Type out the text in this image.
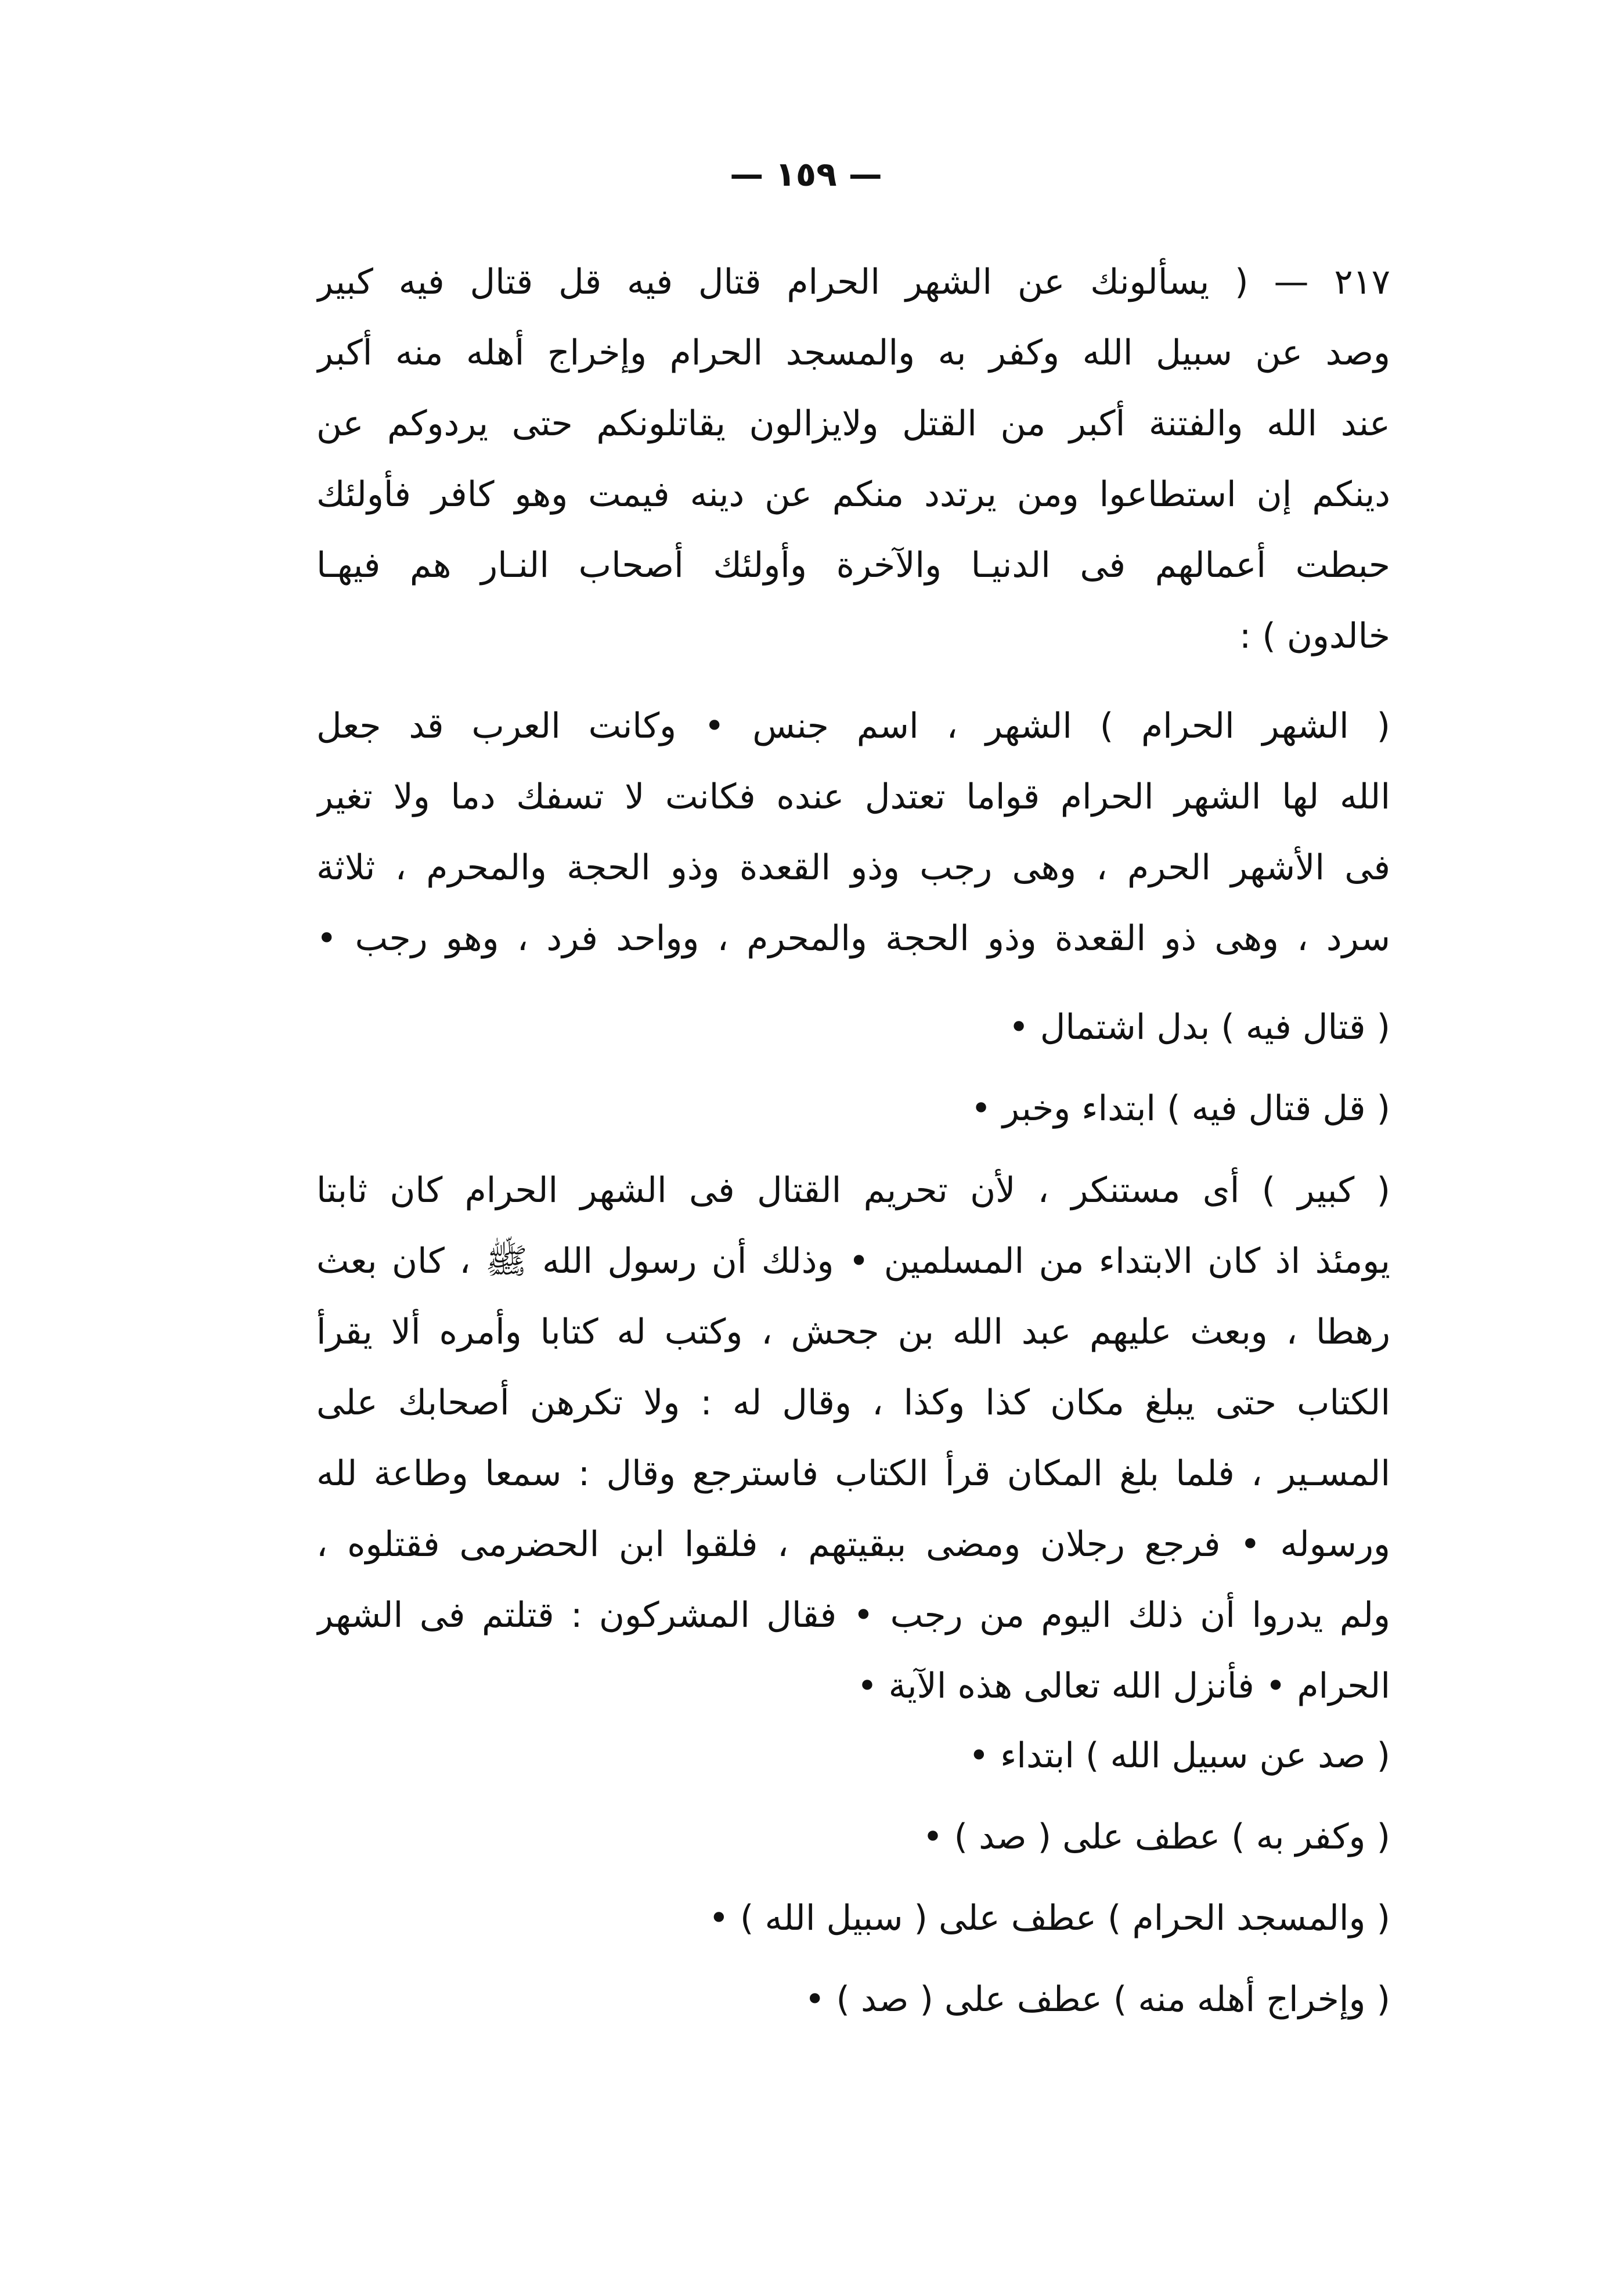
— ١٥٩ —
٢١٧ — ( يسألونك عن الشهر الحرام قتال فيه قل قتال فيه كبير
وصد عن سبيل الله وكفر به والمسجد الحرام وإخراج أهله منه أكبر
عند الله والفتنة أكبر من القتل ولايزالون يقاتلونكم حتى يردوكم عن
دينكم إن استطاعوا ومن يرتدد منكم عن دينه فيمت وهو كافر فأولئك
حبطت أعمالهم فى الدنيـا والآخرة وأولئك أصحاب النـار هم فيهـا
خالدون ) :
( الشهر الحرام ) الشهر ، اسم جنس • وكانت العرب قد جعل
الله لها الشهر الحرام قواما تعتدل عنده فكانت لا تسفك دما ولا تغير
فى الأشهر الحرم ، وهى رجب وذو القعدة وذو الحجة والمحرم ، ثلاثة
سرد ، وهى ذو القعدة وذو الحجة والمحرم ، وواحد فرد ، وهو رجب •
( قتال فيه ) بدل اشتمال •
( قل قتال فيه ) ابتداء وخبر •
( كبير ) أى مستنكر ، لأن تحريم القتال فى الشهر الحرام كان ثابتا
يومئذ اذ كان الابتداء من المسلمين • وذلك أن رسول الله ﷺ ، كان بعث
رهطا ، وبعث عليهم عبد الله بن جحش ، وكتب له كتابا وأمره ألا يقرأ
الكتاب حتى يبلغ مكان كذا وكذا ، وقال له : ولا تكرهن أصحابك على
المسـير ، فلما بلغ المكان قرأ الكتاب فاسترجع وقال : سمعا وطاعة لله
ورسوله • فرجع رجلان ومضى ببقيتهم ، فلقوا ابن الحضرمى فقتلوه ،
ولم يدروا أن ذلك اليوم من رجب • فقال المشركون : قتلتم فى الشهر
الحرام • فأنزل الله تعالى هذه الآية •
( صد عن سبيل الله ) ابتداء •
( وكفر به ) عطف على ( صد ) •
( والمسجد الحرام ) عطف على ( سبيل الله ) •
( وإخراج أهله منه ) عطف على ( صد ) •
